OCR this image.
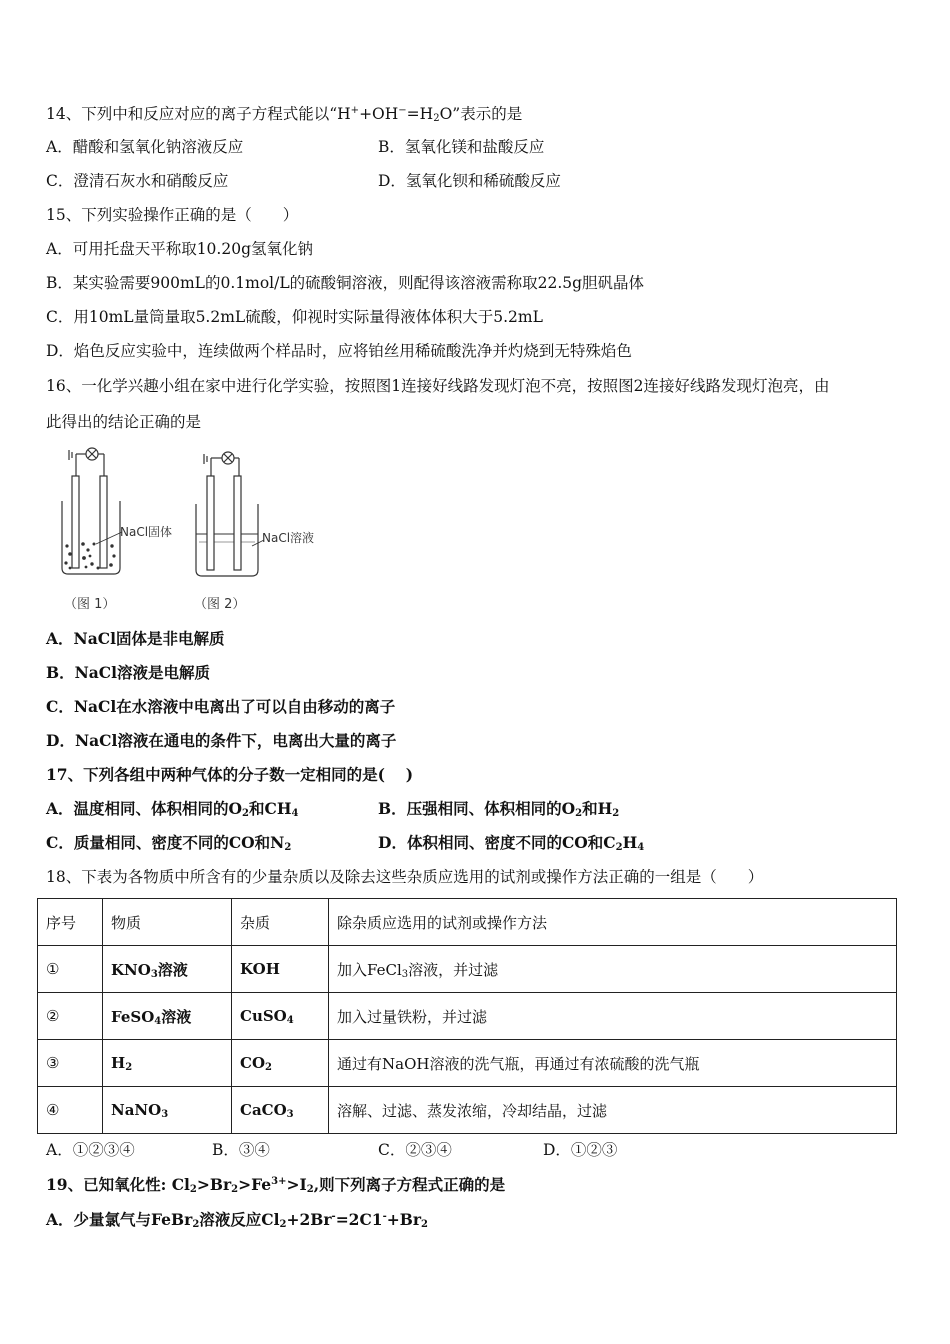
14、下列中和反应对应的离子方程式能以“$H^++OH^-=H_2O$”表示的是
A．醋酸和氢氧化钠溶液反应	B．氢氧化镁和盐酸反应
C．澄清石灰水和硝酸反应	D．氢氧化钡和稀硫酸反应
15、下列实验操作正确的是（　　）
A．可用托盘天平称取10.20g氢氧化钠
B．某实验需要900mL的0.1mol/L的硫酸铜溶液，则配得该溶液需称取22.5g胆矾晶体
C．用10mL量筒量取5.2mL硫酸，仰视时实际量得液体体积大于5.2mL
D．焰色反应实验中，连续做两个样品时，应将铂丝用稀硫酸洗净并灼烧到无特殊焰色
16、一化学兴趣小组在家中进行化学实验，按照图1连接好线路发现灯泡不亮，按照图2连接好线路发现灯泡亮，由
此得出的结论正确的是
NaCl固体
（图 1）
NaCl溶液
（图 2）
A．NaCl固体是非电解质
B．NaCl溶液是电解质
C．NaCl在水溶液中电离出了可以自由移动的离子
D．NaCl溶液在通电的条件下，电离出大量的离子
17、下列各组中两种气体的分子数一定相同的是(　 )
A．温度相同、体积相同的$O_2$和$CH_4$	B．压强相同、体积相同的$O_2$和$H_2$
C．质量相同、密度不同的CO和$N_2$	D．体积相同、密度不同的CO和$C_2H_4$
18、下表为各物质中所含有的少量杂质以及除去这些杂质应选用的试剂或操作方法正确的一组是（　　）
序号	物质	杂质	除杂质应选用的试剂或操作方法
①	$KNO_3$溶液	KOH	加入FeCl$_3$溶液，并过滤
②	FeSO$_4$溶液	CuSO$_4$	加入过量铁粉，并过滤
③	$H_2$	$CO_2$	通过有NaOH溶液的洗气瓶，再通过有浓硫酸的洗气瓶
④	NaNO$_3$	CaCO$_3$	溶解、过滤、蒸发浓缩，冷却结晶，过滤
A．①②③④	B．③④	C．②③④	D．①②③
19、已知氧化性: $Cl_2>Br_2>Fe^{3+}>I_2$,则下列离子方程式正确的是
A．少量氯气与FeBr$_2$溶液反应$Cl_2+2Br^-=2C1^-+Br_2$
